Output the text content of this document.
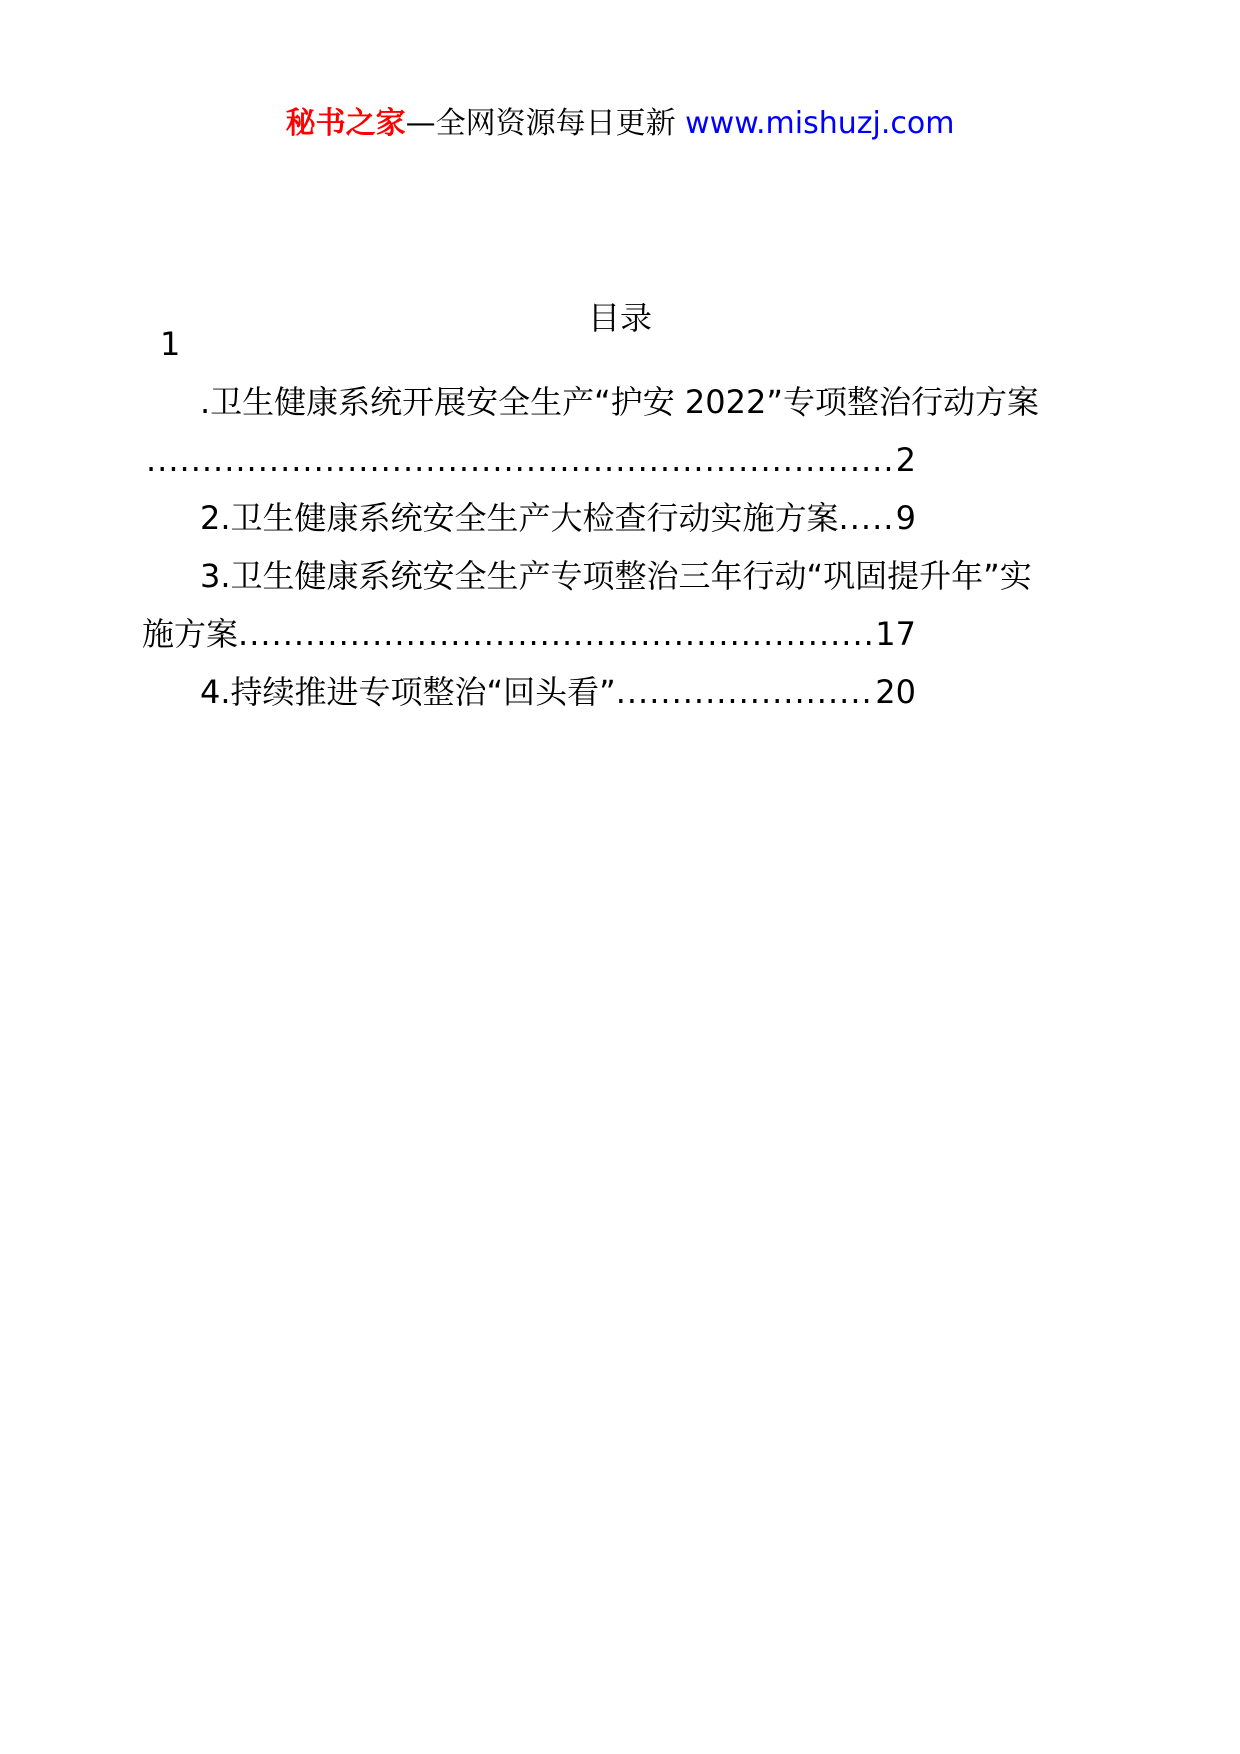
秘书之家—全网资源每日更新 www.mishuzj.com
目录
1
.卫生健康系统开展安全生产“护安 2022”专项整治行动方案
.....
2
2.卫生健康系统安全生产大检查行动实施方案 ..... 9
3.卫生健康系统安全生产专项整治三年行动“巩固提升年”实
施方案 .....	17
4.持续推进专项整治“回头看” .....	20
